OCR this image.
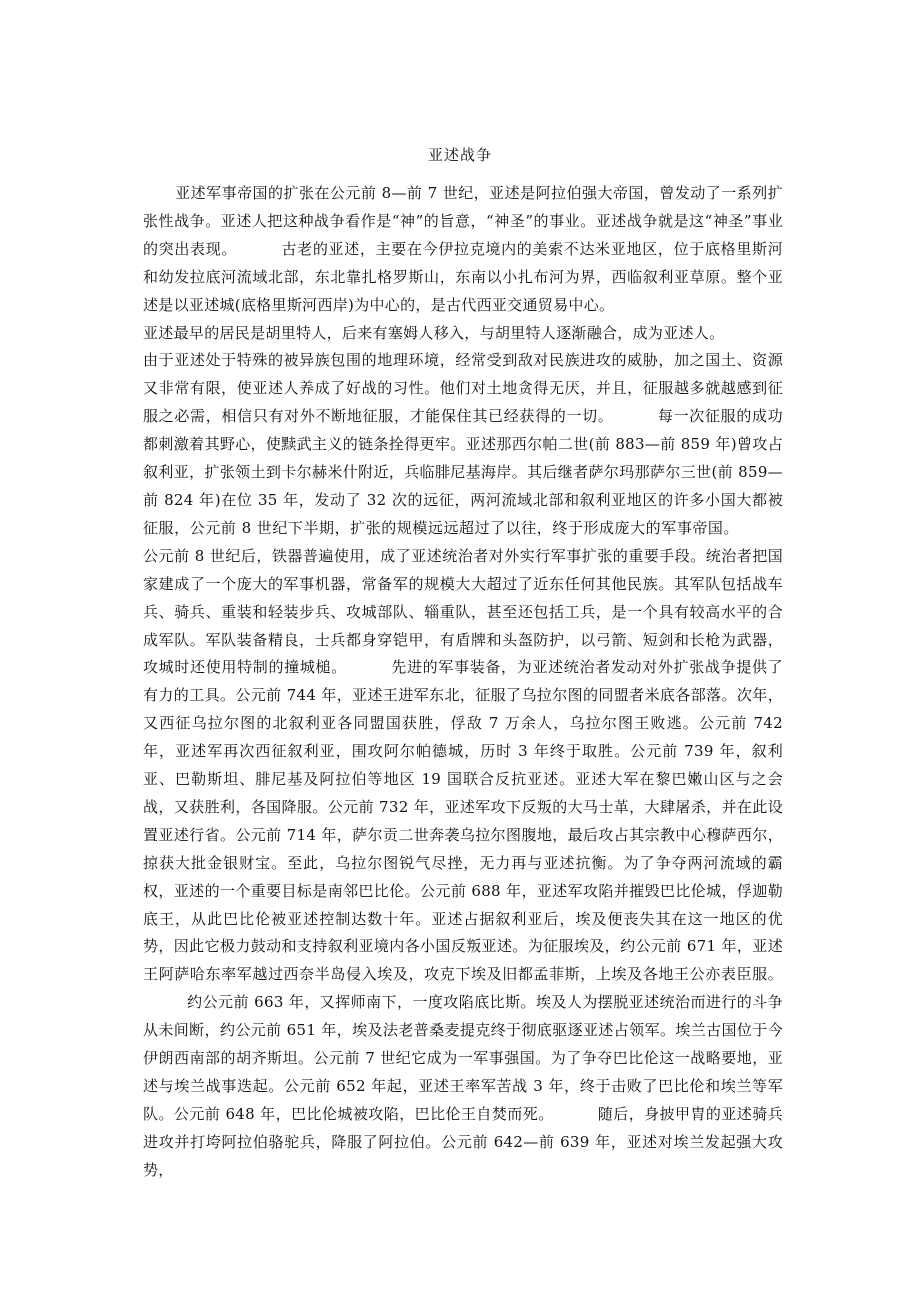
亚述战争
亚述军事帝国的扩张在公元前 8—前 7 世纪，亚述是阿拉伯强大帝国，曾发动了一系列扩张性战争。亚述人把这种战争看作是“神”的旨意，“神圣”的事业。亚述战争就是这“神圣”事业的突出表现。	古老的亚述，主要在今伊拉克境内的美索不达米亚地区，位于底格里斯河和幼发拉底河流域北部，东北靠扎格罗斯山，东南以小扎布河为界，西临叙利亚草原。整个亚述是以亚述城(底格里斯河西岸)为中心的，是古代西亚交通贸易中心。
亚述最早的居民是胡里特人，后来有塞姆人移入，与胡里特人逐渐融合，成为亚述人。
由于亚述处于特殊的被异族包围的地理环境，经常受到敌对民族进攻的威胁，加之国土、资源又非常有限，使亚述人养成了好战的习性。他们对土地贪得无厌，并且，征服越多就越感到征服之必需，相信只有对外不断地征服，才能保住其已经获得的一切。	每一次征服的成功都刺激着其野心，使黩武主义的链条拴得更牢。亚述那西尔帕二世(前 883—前 859 年)曾攻占叙利亚，扩张领土到卡尔赫米什附近，兵临腓尼基海岸。其后继者萨尔玛那萨尔三世(前 859—前 824 年)在位 35 年，发动了 32 次的远征，两河流域北部和叙利亚地区的许多小国大都被征服，公元前 8 世纪下半期，扩张的规模远远超过了以往，终于形成庞大的军事帝国。公元前 8 世纪后，铁器普遍使用，成了亚述统治者对外实行军事扩张的重要手段。统治者把国家建成了一个庞大的军事机器，常备军的规模大大超过了近东任何其他民族。其军队包括战车兵、骑兵、重装和轻装步兵、攻城部队、辎重队，甚至还包括工兵，是一个具有较高水平的合成军队。军队装备精良，士兵都身穿铠甲，有盾牌和头盔防护，以弓箭、短剑和长枪为武器，攻城时还使用特制的撞城槌。	先进的军事装备，为亚述统治者发动对外扩张战争提供了有力的工具。公元前 744 年，亚述王进军东北，征服了乌拉尔图的同盟者米底各部落。次年，又西征乌拉尔图的北叙利亚各同盟国获胜，俘敌 7 万余人，乌拉尔图王败逃。公元前 742 年，亚述军再次西征叙利亚，围攻阿尔帕德城，历时 3 年终于取胜。公元前 739 年，叙利亚、巴勒斯坦、腓尼基及阿拉伯等地区 19 国联合反抗亚述。亚述大军在黎巴嫩山区与之会战，又获胜利，各国降服。公元前 732 年，亚述军攻下反叛的大马士革，大肆屠杀，并在此设置亚述行省。公元前 714 年，萨尔贡二世奔袭乌拉尔图腹地，最后攻占其宗教中心穆萨西尔，掠获大批金银财宝。至此，乌拉尔图锐气尽挫，无力再与亚述抗衡。为了争夺两河流域的霸权，亚述的一个重要目标是南邻巴比伦。公元前 688 年，亚述军攻陷并摧毁巴比伦城，俘迦勒底王，从此巴比伦被亚述控制达数十年。亚述占据叙利亚后，埃及便丧失其在这一地区的优势，因此它极力鼓动和支持叙利亚境内各小国反叛亚述。为征服埃及，约公元前 671 年，亚述王阿萨哈东率军越过西奈半岛侵入埃及，攻克下埃及旧都孟菲斯，上埃及各地王公亦表臣服。约公元前 663 年，又挥师南下，一度攻陷底比斯。埃及人为摆脱亚述统治而进行的斗争从未间断，约公元前 651 年，埃及法老普桑麦提克终于彻底驱逐亚述占领军。埃兰古国位于今伊朗西南部的胡齐斯坦。公元前 7 世纪它成为一军事强国。为了争夺巴比伦这一战略要地，亚述与埃兰战事迭起。公元前 652 年起，亚述王率军苦战 3 年，终于击败了巴比伦和埃兰等军队。公元前 648 年，巴比伦城被攻陷，巴比伦王自焚而死。	随后，身披甲胄的亚述骑兵进攻并打垮阿拉伯骆驼兵，降服了阿拉伯。公元前 642—前 639 年，亚述对埃兰发起强大攻势，
